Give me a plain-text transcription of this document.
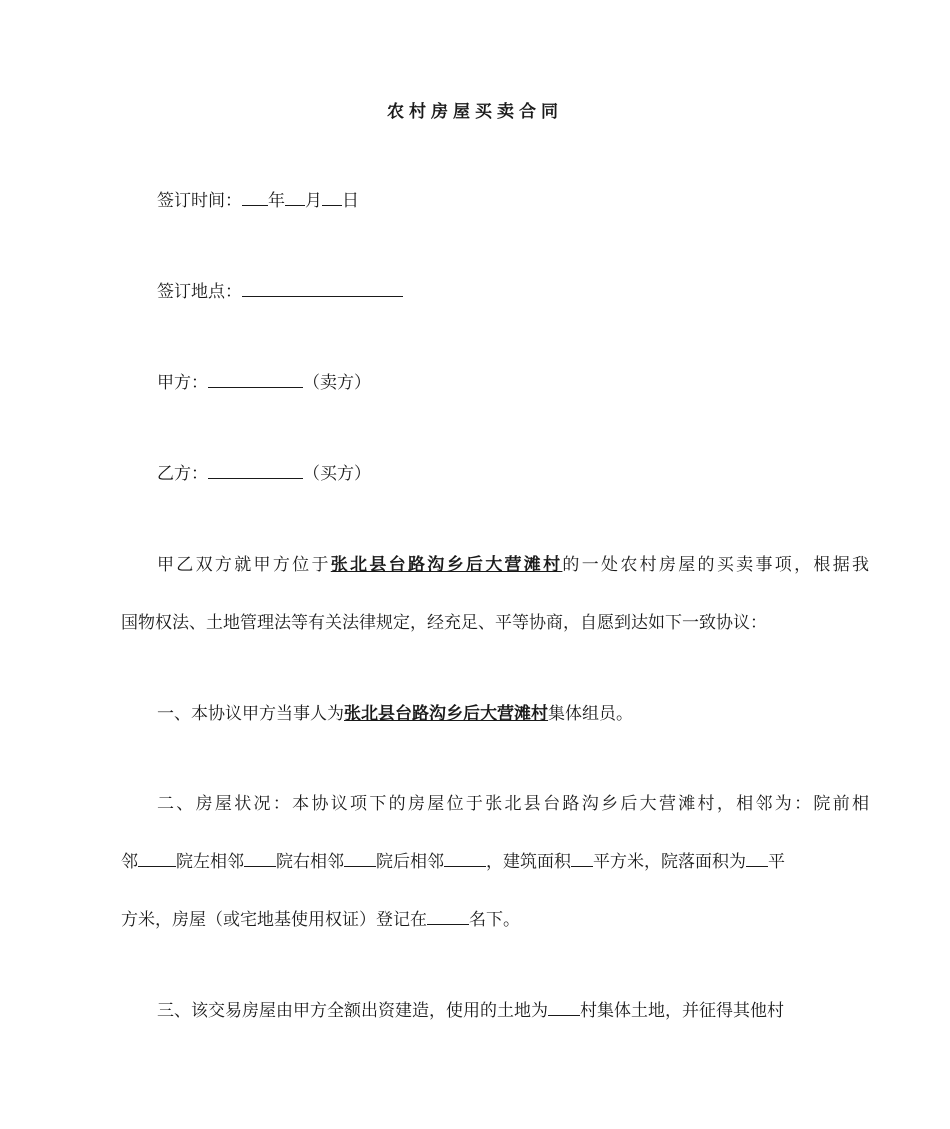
农村房屋买卖合同
签订时间： 年 月 日
签订地点：
甲方：	（卖方）
乙方：	（买方）
甲乙双方就甲方位于张北县台路沟乡后大营滩村的一处农村房屋的买卖事项，根据我
国物权法、土地管理法等有关法律规定，经充足、平等协商，自愿到达如下一致协议：
一、本协议甲方当事人为张北县台路沟乡后大营滩村集体组员。
二、房屋状况：本协议项下的房屋位于张北县台路沟乡后大营滩村，相邻为：院前相
邻 院左相邻 院右相邻 院后相邻 ，建筑面积 平方米，院落面积为 平
方米，房屋（或宅地基使用权证）登记在 名下。
三、该交易房屋由甲方全额出资建造，使用的土地为 村集体土地，并征得其他村
